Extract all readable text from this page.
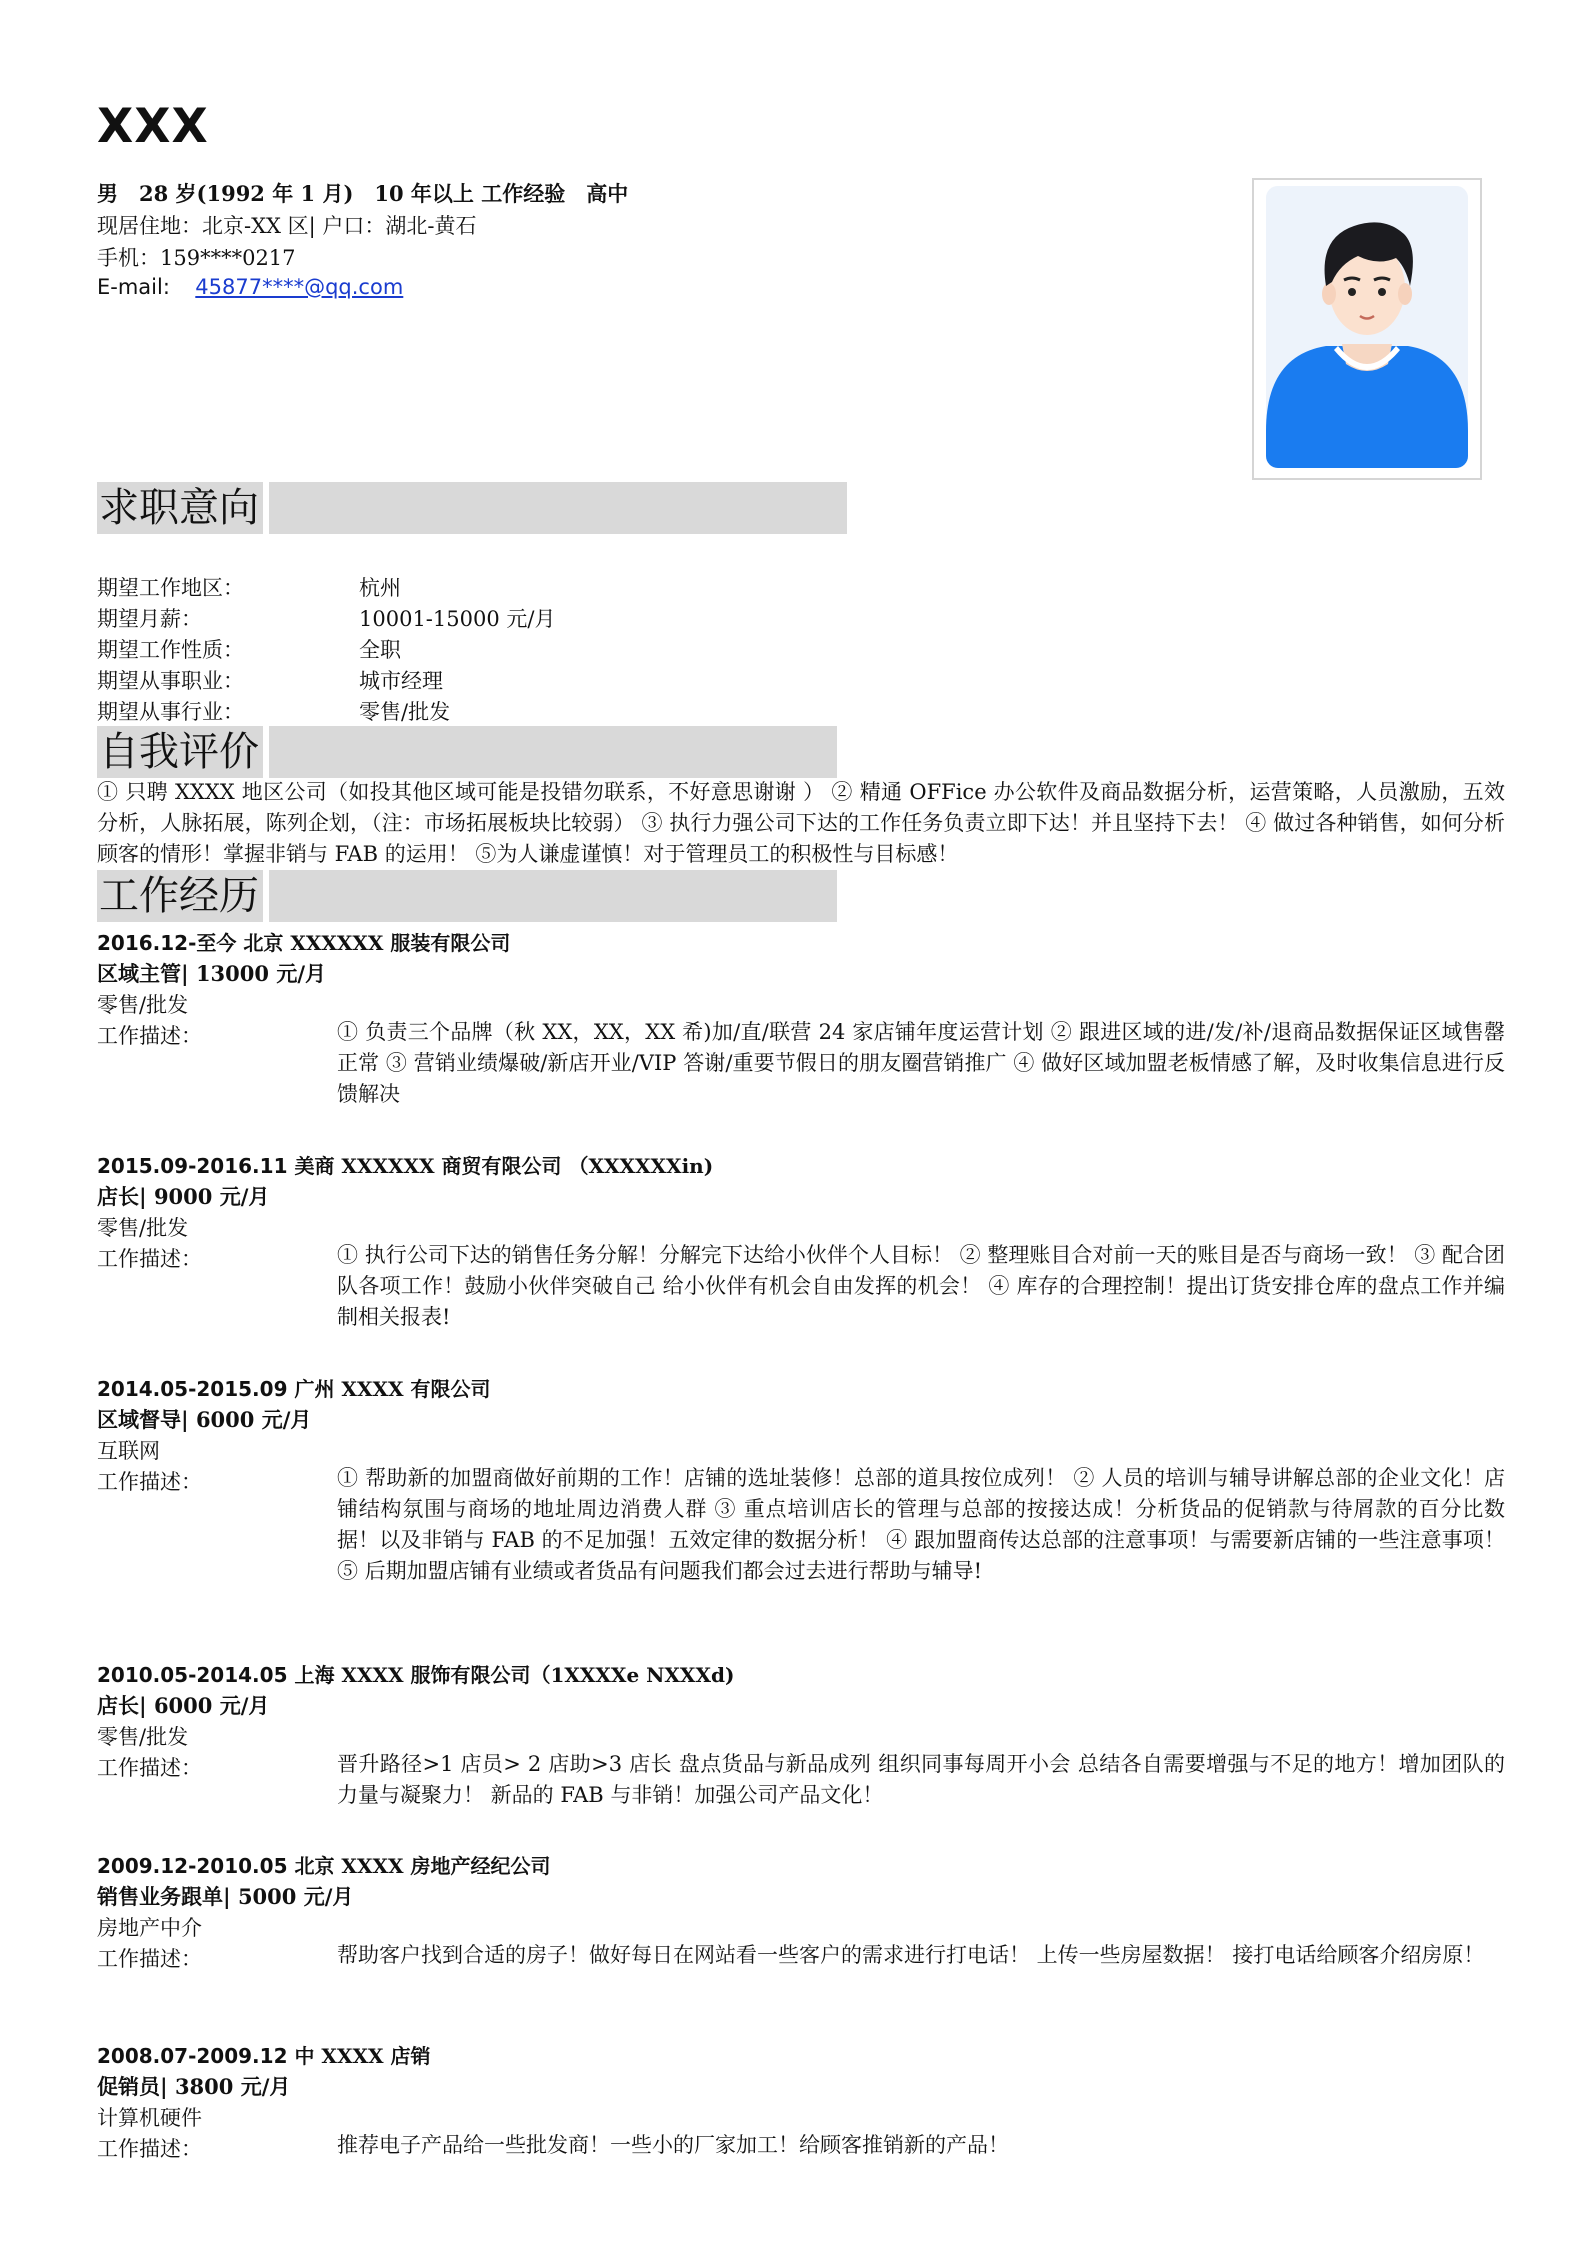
XXX
男　28 岁(1992 年 1 月)　10 年以上 工作经验　高中
现居住地：北京-XX 区| 户口：湖北-黄石
手机：159****0217
E-mail: 45877****@qq.com
求职意向
期望工作地区：	杭州
期望月薪：	10001-15000 元/月
期望工作性质：	全职
期望从事职业：	城市经理
期望从事行业：	零售/批发
自我评价
① 只聘 XXXX 地区公司（如投其他区域可能是投错勿联系，不好意思谢谢 ） ② 精通 OFFice 办公软件及商品数据分析，运营策略，人员激励，五效分析，人脉拓展，陈列企划，（注：市场拓展板块比较弱） ③ 执行力强公司下达的工作任务负责立即下达！并且坚持下去！ ④ 做过各种销售，如何分析顾客的情形！掌握非销与 FAB 的运用！ ⑤为人谦虚谨慎！对于管理员工的积极性与目标感！
工作经历
2016.12-至今 北京 XXXXXX 服装有限公司
区域主管| 13000 元/月
零售/批发
工作描述：	① 负责三个品牌（秋 XX，XX，XX 希)加/直/联营 24 家店铺年度运营计划 ② 跟进区域的进/发/补/退商品数据保证区域售罄正常 ③ 营销业绩爆破/新店开业/VIP 答谢/重要节假日的朋友圈营销推广 ④ 做好区域加盟老板情感了解，及时收集信息进行反馈解决
2015.09-2016.11 美商 XXXXXX 商贸有限公司 （XXXXXXin)
店长| 9000 元/月
零售/批发
工作描述：	① 执行公司下达的销售任务分解！分解完下达给小伙伴个人目标！ ② 整理账目合对前一天的账目是否与商场一致！ ③ 配合团队各项工作！鼓励小伙伴突破自己 给小伙伴有机会自由发挥的机会！ ④ 库存的合理控制！提出订货安排仓库的盘点工作并编制相关报表!
2014.05-2015.09 广州 XXXX 有限公司
区域督导| 6000 元/月
互联网
工作描述：	① 帮助新的加盟商做好前期的工作！店铺的选址装修！总部的道具按位成列！ ② 人员的培训与辅导讲解总部的企业文化！店铺结构氛围与商场的地址周边消费人群 ③ 重点培训店长的管理与总部的按接达成！分析货品的促销款与待屑款的百分比数据！以及非销与 FAB 的不足加强！五效定律的数据分析！ ④ 跟加盟商传达总部的注意事项！与需要新店铺的一些注意事项！ ⑤ 后期加盟店铺有业绩或者货品有问题我们都会过去进行帮助与辅导!
2010.05-2014.05 上海 XXXX 服饰有限公司（1XXXXe NXXXd)
店长| 6000 元/月
零售/批发
工作描述：	晋升路径>1 店员> 2 店助>3 店长 盘点货品与新品成列 组织同事每周开小会 总结各自需要增强与不足的地方！增加团队的力量与凝聚力！ 新品的 FAB 与非销！加强公司产品文化！
2009.12-2010.05 北京 XXXX 房地产经纪公司
销售业务跟单| 5000 元/月
房地产中介
工作描述：	帮助客户找到合适的房子！做好每日在网站看一些客户的需求进行打电话！ 上传一些房屋数据！ 接打电话给顾客介绍房原！
2008.07-2009.12 中 XXXX 店销
促销员| 3800 元/月
计算机硬件
工作描述：	推荐电子产品给一些批发商！一些小的厂家加工！给顾客推销新的产品！
